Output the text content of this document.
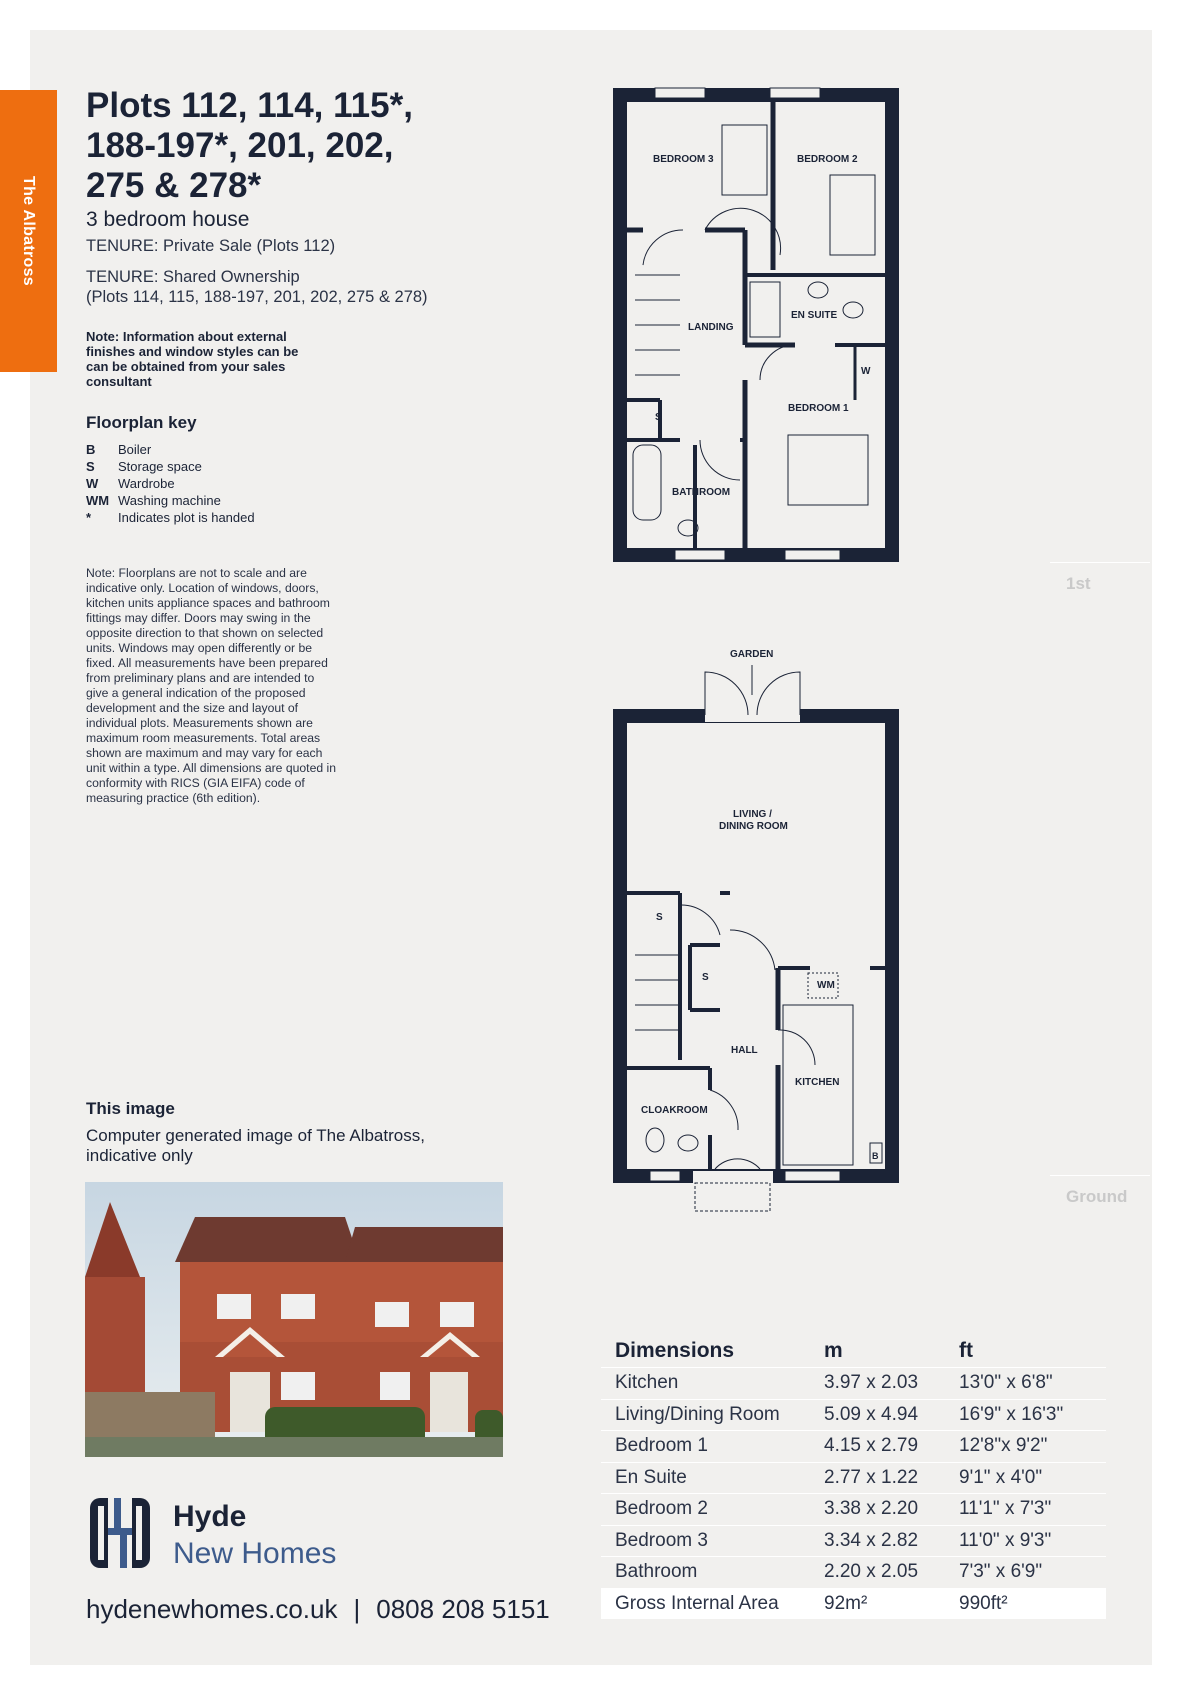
The Albatross
Plots 112, 114, 115*,
188-197*, 201, 202,
275 & 278*
3 bedroom house
TENURE: Private Sale (Plots 112)
TENURE: Shared Ownership
(Plots 114, 115, 188-197, 201, 202, 275 & 278)
Note: Information about external finishes and window styles can be can be obtained from your sales consultant
Floorplan key
B	Boiler
S	Storage space
W	Wardrobe
WM Washing machine
*	Indicates plot is handed
Note: Floorplans are not to scale and are indicative only. Location of windows, doors, kitchen units appliance spaces and bathroom fittings may differ. Doors may swing in the opposite direction to that shown on selected units. Windows may open differently or be fixed. All measurements have been prepared from preliminary plans and are intended to give a general indication of the proposed development and the size and layout of individual plots. Measurements shown are maximum room measurements. Total areas shown are maximum and may vary for each unit within a type. All dimensions are quoted in conformity with RICS (GIA EIFA) code of measuring practice (6th edition).
This image
Computer generated image of The Albatross, indicative only
Hyde
New Homes
hydenewhomes.co.uk | 0808 208 5151
BEDROOM 3	BEDROOM 2
LANDING
EN SUITE
BEDROOM 1
BATHROOM
S
W
GARDEN
LIVING /
DINING ROOM
S
S
WM
HALL
KITCHEN
CLOAKROOM
B
1st
Ground
Dimensions	m	ft
Kitchen	3.97 x 2.03	13'0" x 6'8"
Living/Dining Room	5.09 x 4.94	16'9" x 16'3"
Bedroom 1	4.15 x 2.79	12'8"x 9'2"
En Suite	2.77 x 1.22	9'1" x 4'0"
Bedroom 2	3.38 x 2.20	11'1" x 7'3"
Bedroom 3	3.34 x 2.82	11'0" x 9'3"
Bathroom	2.20 x 2.05	7'3" x 6'9"
Gross Internal Area	92m²	990ft²
